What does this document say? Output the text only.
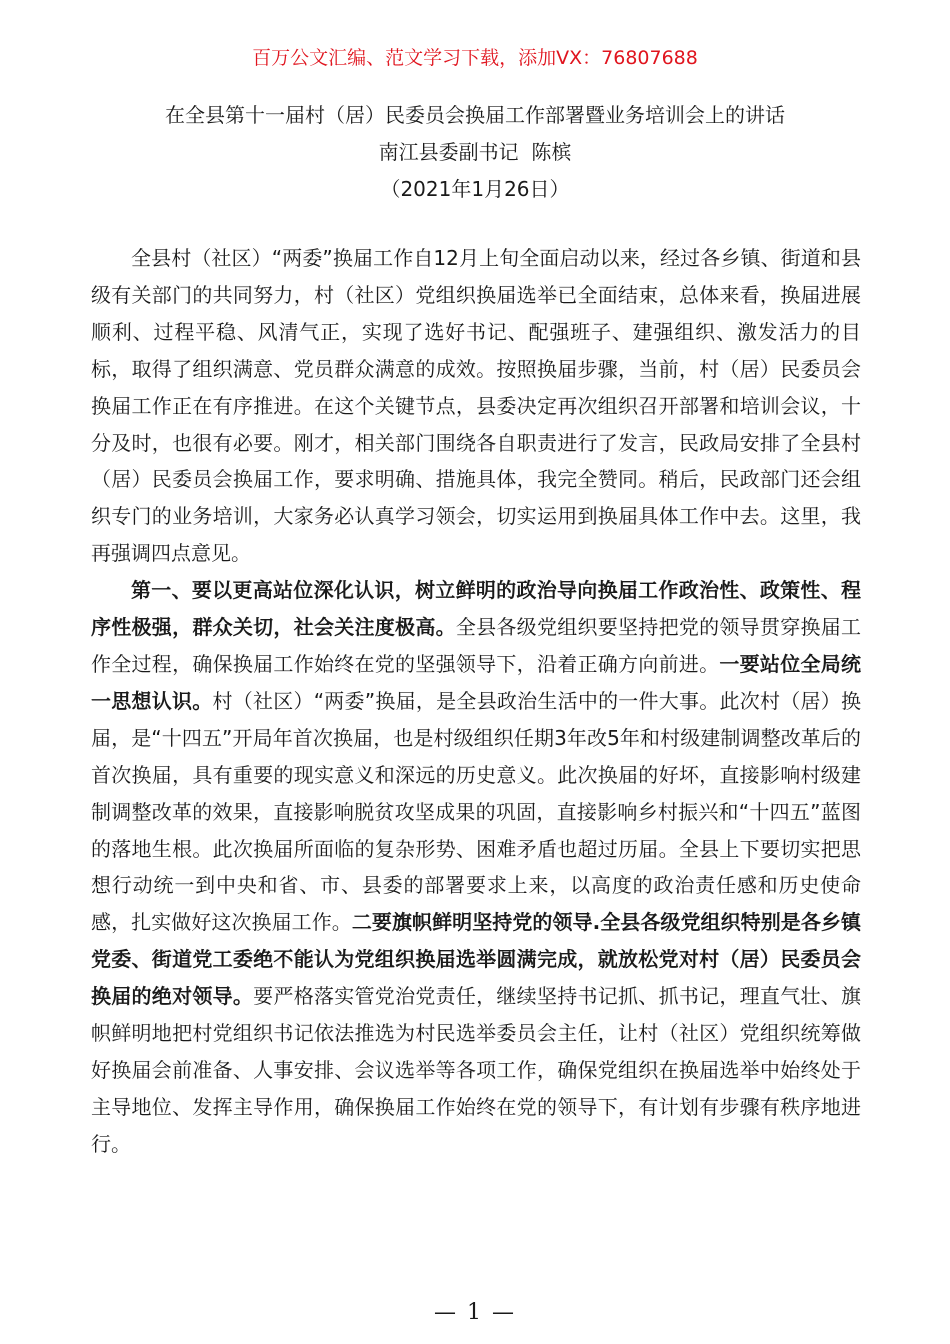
百万公文汇编、范文学习下载，添加VX：76807688
在全县第十一届村（居）民委员会换届工作部署暨业务培训会上的讲话
南江县委副书记  陈槟
（2021年1月26日）

全县村（社区）“两委”换届工作自12月上旬全面启动以来，经过各乡镇、街道和县级有关部门的共同努力，村（社区）党组织换届选举已全面结束，总体来看，换届进展顺利、过程平稳、风清气正，实现了选好书记、配强班子、建强组织、激发活力的目标，取得了组织满意、党员群众满意的成效。按照换届步骤，当前，村（居）民委员会换届工作正在有序推进。在这个关键节点，县委决定再次组织召开部署和培训会议，十分及时，也很有必要。刚才，相关部门围绕各自职责进行了发言，民政局安排了全县村（居）民委员会换届工作，要求明确、措施具体，我完全赞同。稍后，民政部门还会组织专门的业务培训，大家务必认真学习领会，切实运用到换届具体工作中去。这里，我再强调四点意见。

第一、要以更高站位深化认识，树立鲜明的政治导向换届工作政治性、政策性、程序性极强，群众关切，社会关注度极高。全县各级党组织要坚持把党的领导贯穿换届工作全过程，确保换届工作始终在党的坚强领导下，沿着正确方向前进。一要站位全局统一思想认识。村（社区）“两委”换届，是全县政治生活中的一件大事。此次村（居）换届，是“十四五”开局年首次换届，也是村级组织任期3年改5年和村级建制调整改革后的首次换届，具有重要的现实意义和深远的历史意义。此次换届的好坏，直接影响村级建制调整改革的效果，直接影响脱贫攻坚成果的巩固，直接影响乡村振兴和“十四五”蓝图的落地生根。此次换届所面临的复杂形势、困难矛盾也超过历届。全县上下要切实把思想行动统一到中央和省、市、县委的部署要求上来，以高度的政治责任感和历史使命感，扎实做好这次换届工作。二要旗帜鲜明坚持党的领导.全县各级党组织特别是各乡镇党委、街道党工委绝不能认为党组织换届选举圆满完成，就放松党对村（居）民委员会换届的绝对领导。要严格落实管党治党责任，继续坚持书记抓、抓书记，理直气壮、旗帜鲜明地把村党组织书记依法推选为村民选举委员会主任，让村（社区）党组织统筹做好换届会前准备、人事安排、会议选举等各项工作，确保党组织在换届选举中始终处于主导地位、发挥主导作用，确保换届工作始终在党的领导下，有计划有步骤有秩序地进行。

— 1 —
